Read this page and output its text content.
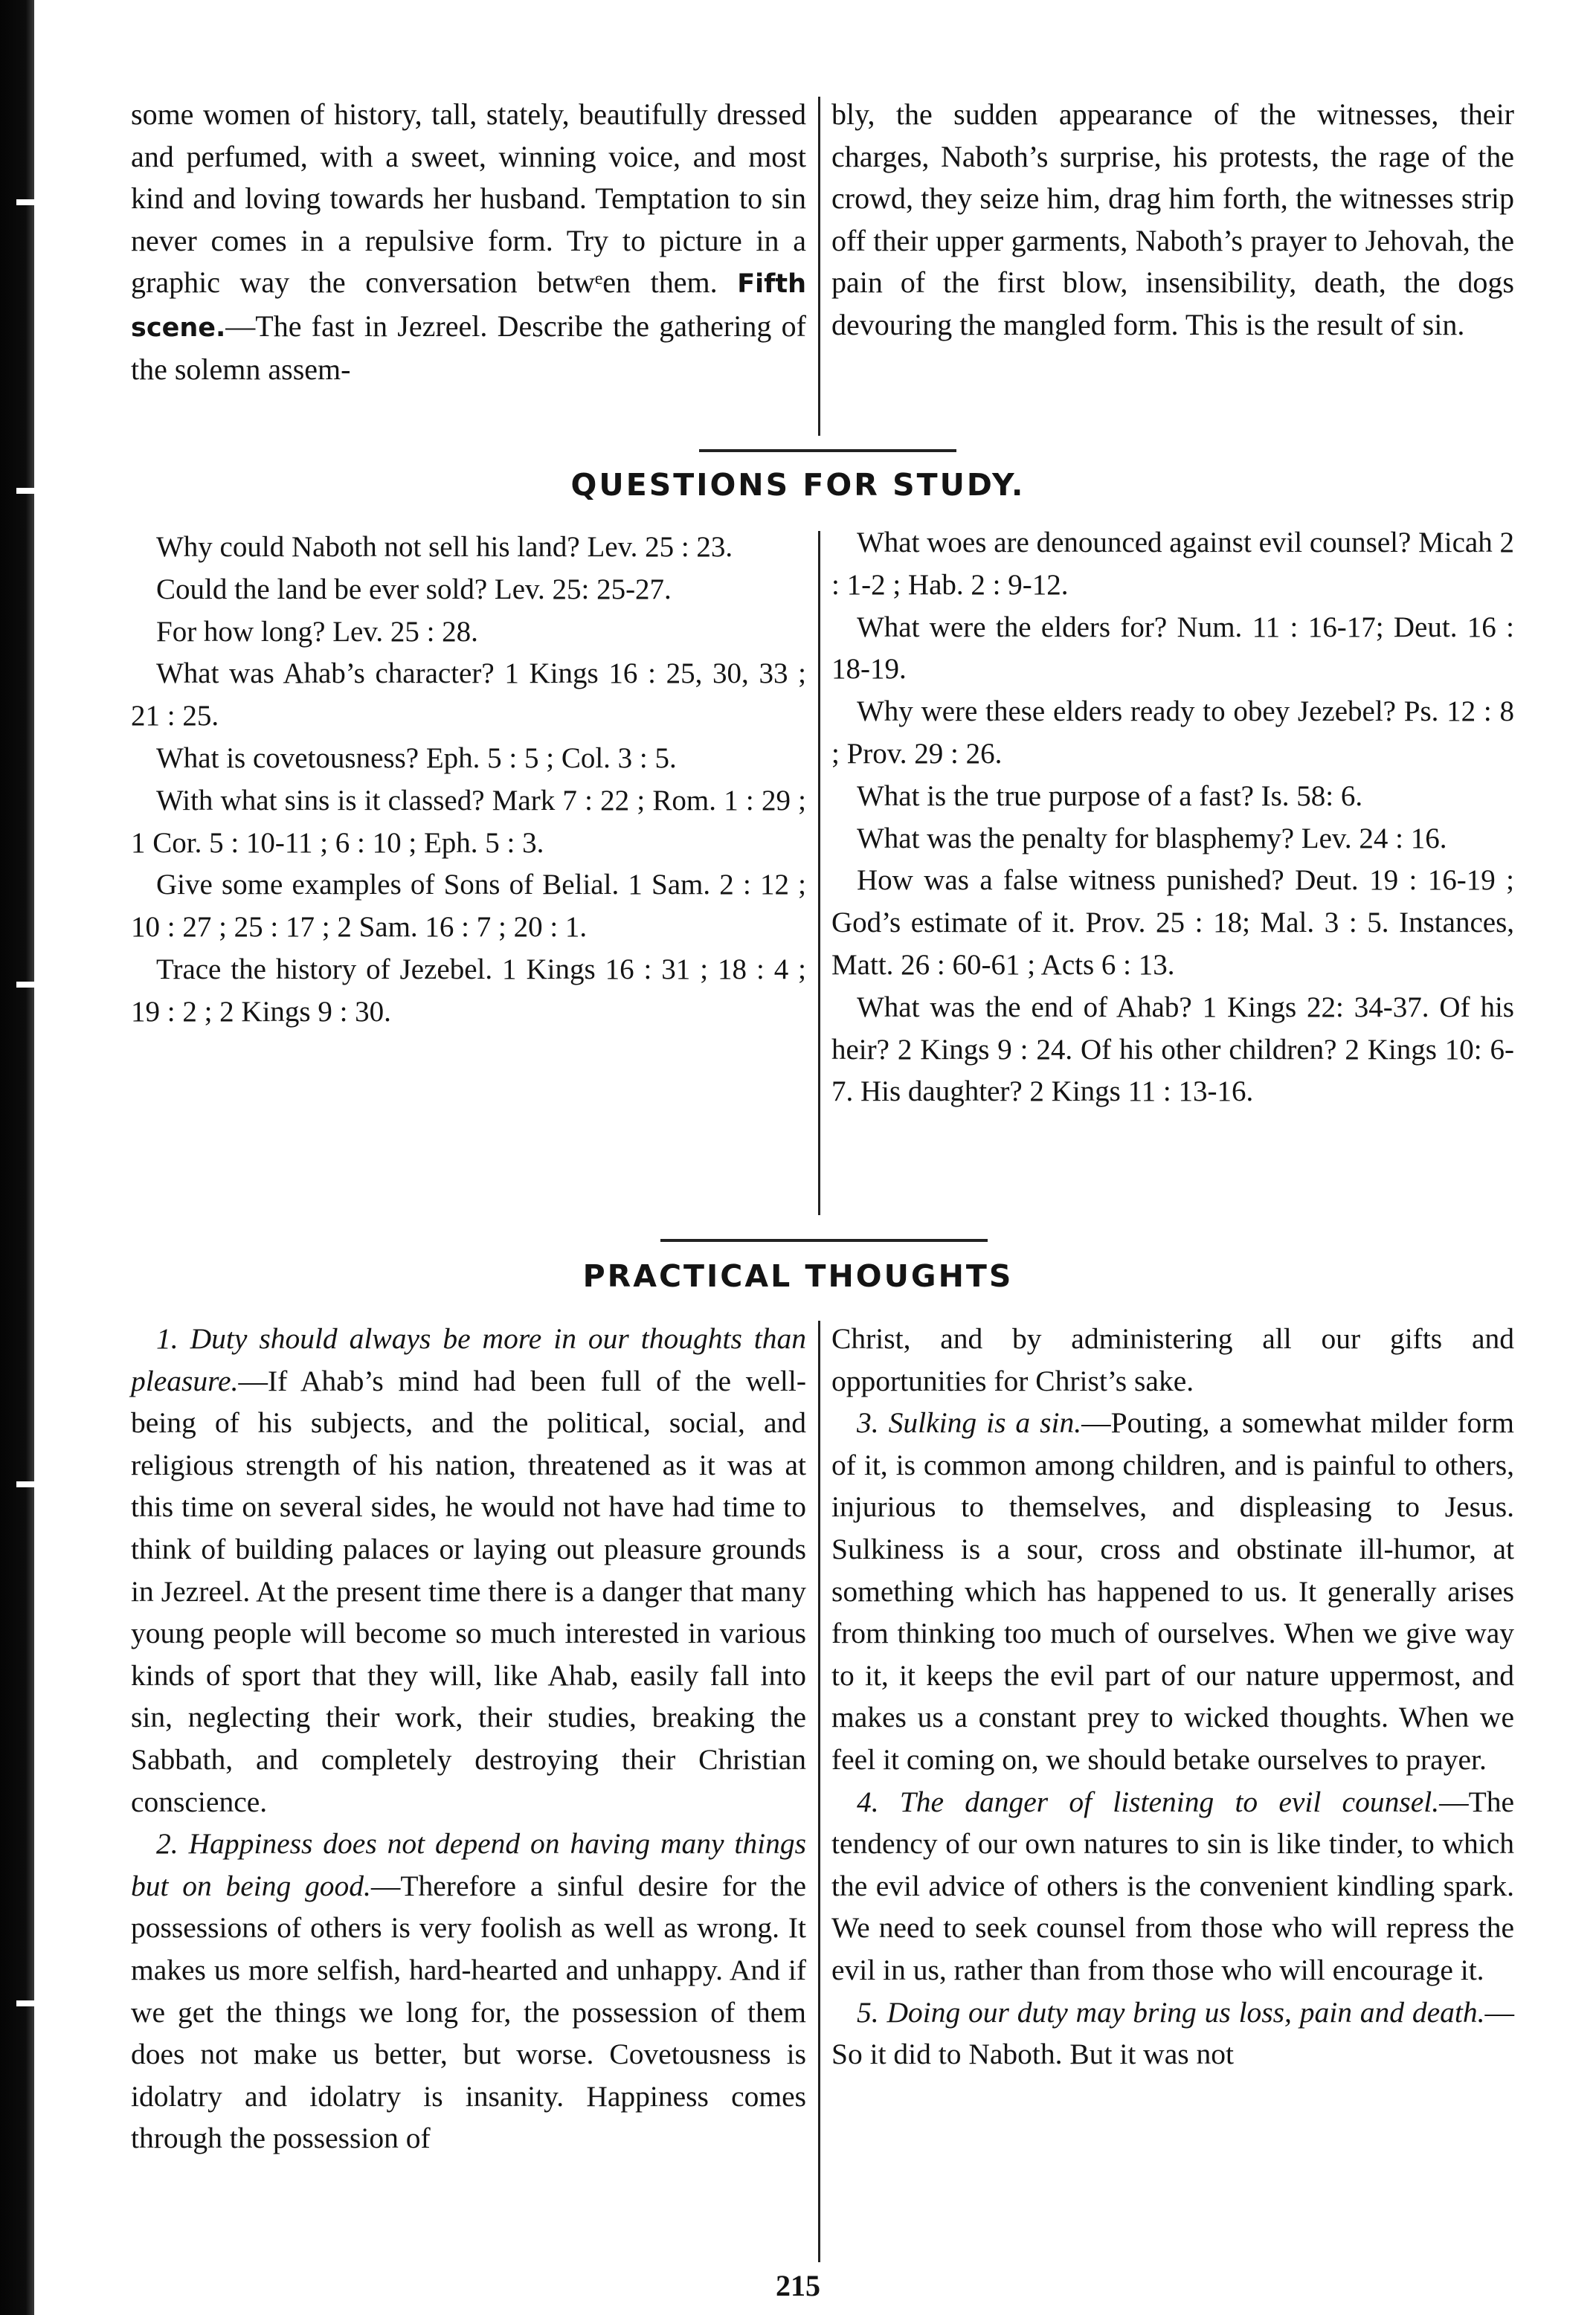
some women of history, tall, stately, beautifully dressed and perfumed, with a sweet, winning voice, and most kind and loving towards her husband. Temptation to sin never comes in a repulsive form. Try to picture in a graphic way the conversation betwᵉen them. Fifth scene.—The fast in Jezreel. Describe the gathering of the solemn assem-

bly, the sudden appearance of the witnesses, their charges, Naboth’s surprise, his protests, the rage of the crowd, they seize him, drag him forth, the witnesses strip off their upper garments, Naboth’s prayer to Jehovah, the pain of the first blow, insensibility, death, the dogs devouring the mangled form. This is the result of sin.

QUESTIONS FOR STUDY.

Why could Naboth not sell his land? Lev. 25 : 23.

Could the land be ever sold? Lev. 25: 25-27.

For how long? Lev. 25 : 28.

What was Ahab’s character? 1 Kings 16 : 25, 30, 33 ; 21 : 25.

What is covetousness? Eph. 5 : 5 ; Col. 3 : 5.

With what sins is it classed? Mark 7 : 22 ; Rom. 1 : 29 ; 1 Cor. 5 : 10-11 ; 6 : 10 ; Eph. 5 : 3.

Give some examples of Sons of Belial. 1 Sam. 2 : 12 ; 10 : 27 ; 25 : 17 ; 2 Sam. 16 : 7 ; 20 : 1.

Trace the history of Jezebel. 1 Kings 16 : 31 ; 18 : 4 ; 19 : 2 ; 2 Kings 9 : 30.

What woes are denounced against evil counsel? Micah 2 : 1-2 ; Hab. 2 : 9-12.

What were the elders for? Num. 11 : 16-17; Deut. 16 : 18-19.

Why were these elders ready to obey Jezebel? Ps. 12 : 8 ; Prov. 29 : 26.

What is the true purpose of a fast? Is. 58: 6.

What was the penalty for blasphemy? Lev. 24 : 16.

How was a false witness punished? Deut. 19 : 16-19 ; God’s estimate of it. Prov. 25 : 18; Mal. 3 : 5. Instances, Matt. 26 : 60-61 ; Acts 6 : 13.

What was the end of Ahab? 1 Kings 22: 34-37. Of his heir? 2 Kings 9 : 24. Of his other children? 2 Kings 10: 6-7. His daughter? 2 Kings 11 : 13-16.

PRACTICAL THOUGHTS

1. Duty should always be more in our thoughts than pleasure.—If Ahab’s mind had been full of the well-being of his subjects, and the political, social, and religious strength of his nation, threatened as it was at this time on several sides, he would not have had time to think of building palaces or laying out pleasure grounds in Jezreel. At the present time there is a danger that many young people will become so much interested in various kinds of sport that they will, like Ahab, easily fall into sin, neglecting their work, their studies, breaking the Sabbath, and completely destroying their Christian conscience.

2. Happiness does not depend on having many things but on being good.—Therefore a sinful desire for the possessions of others is very foolish as well as wrong. It makes us more selfish, hard-hearted and unhappy. And if we get the things we long for, the possession of them does not make us better, but worse. Covetousness is idolatry and idolatry is insanity. Happiness comes through the possession of

Christ, and by administering all our gifts and opportunities for Christ’s sake.

3. Sulking is a sin.—Pouting, a somewhat milder form of it, is common among children, and is painful to others, injurious to themselves, and displeasing to Jesus. Sulkiness is a sour, cross and obstinate ill-humor, at something which has happened to us. It generally arises from thinking too much of ourselves. When we give way to it, it keeps the evil part of our nature uppermost, and makes us a constant prey to wicked thoughts. When we feel it coming on, we should betake ourselves to prayer.

4. The danger of listening to evil counsel.—The tendency of our own natures to sin is like tinder, to which the evil advice of others is the convenient kindling spark. We need to seek counsel from those who will repress the evil in us, rather than from those who will encourage it.

5. Doing our duty may bring us loss, pain and death.—So it did to Naboth. But it was not

215
